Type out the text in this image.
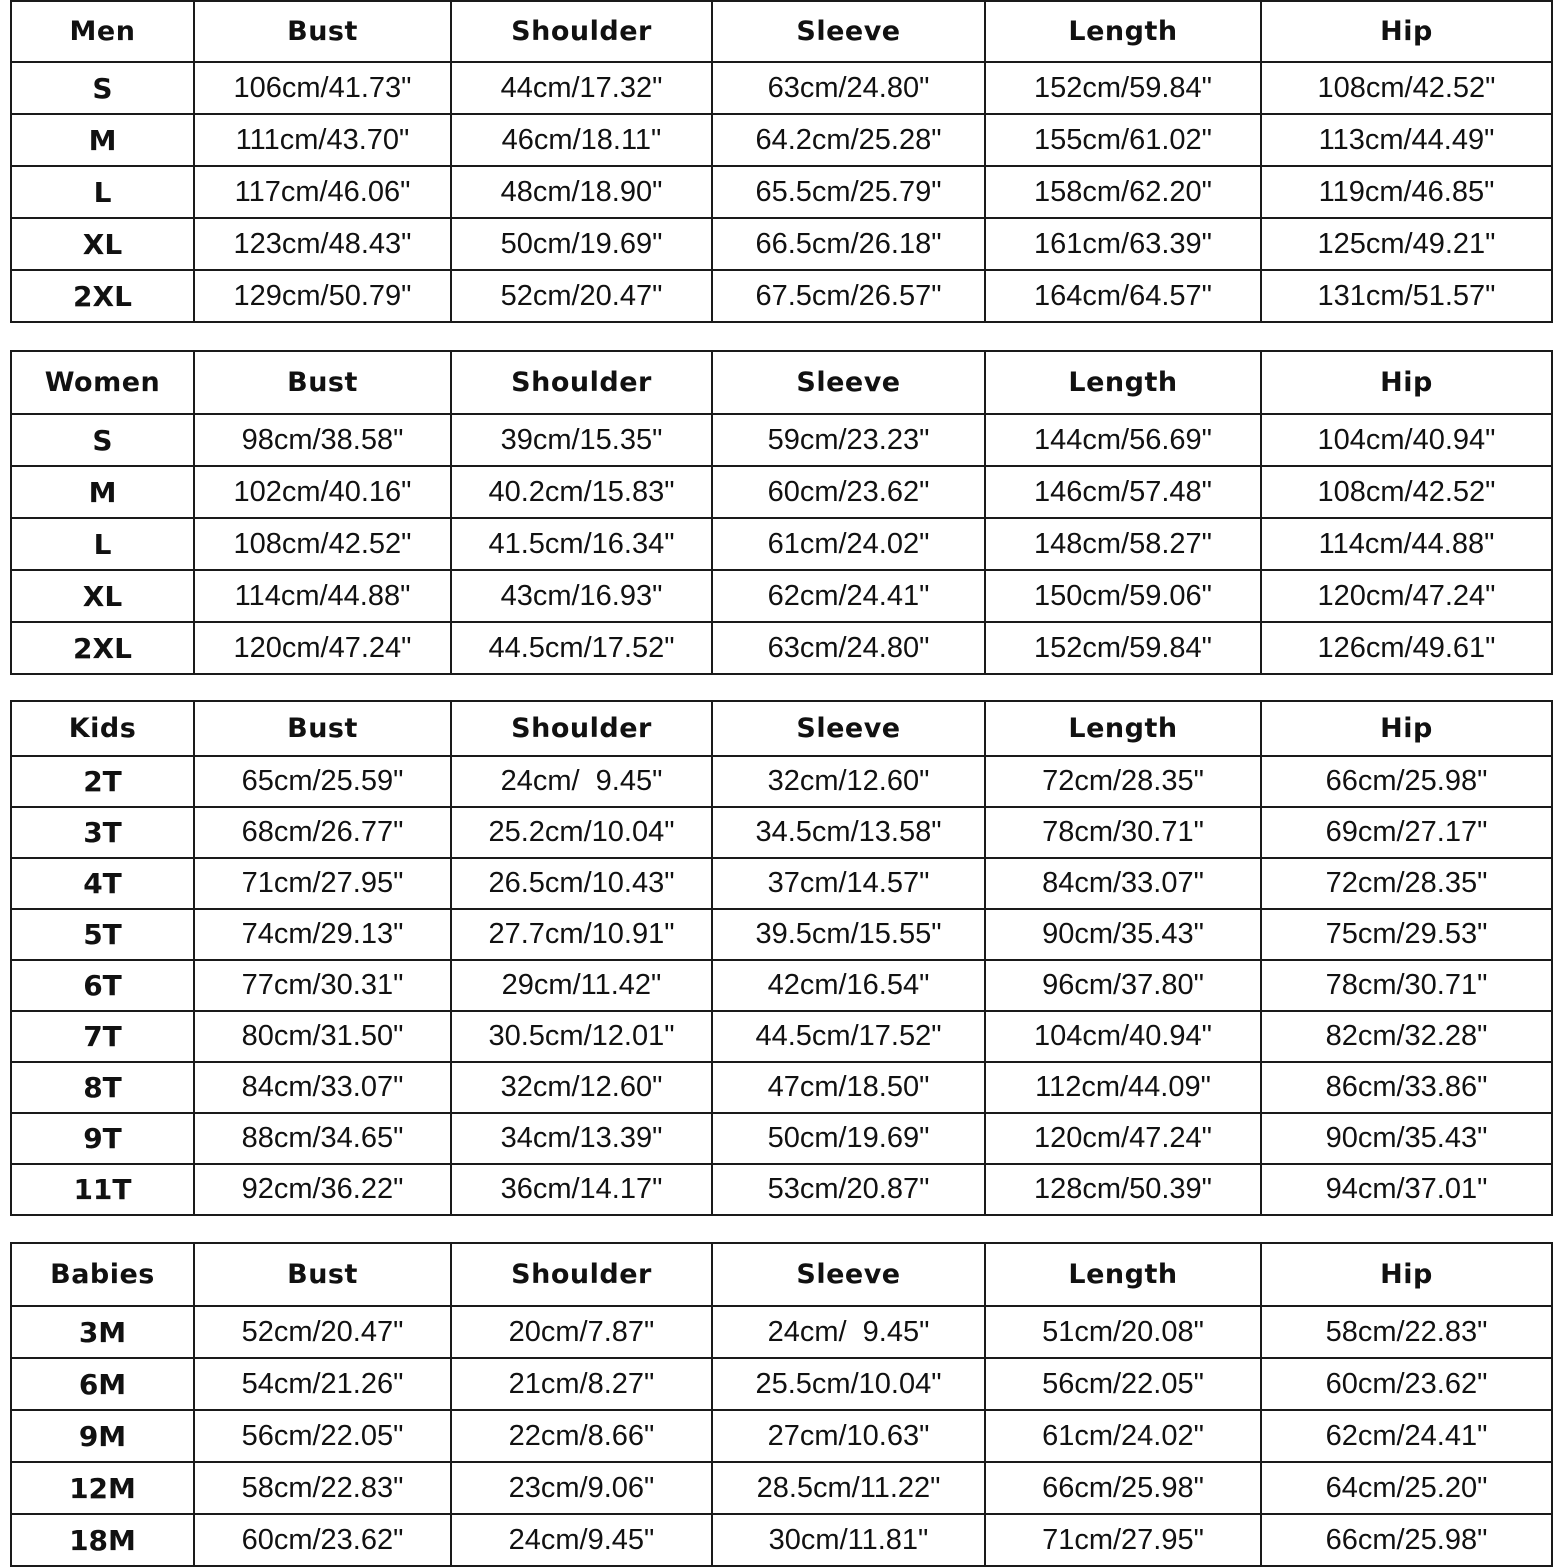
Men	Bust	Shoulder	Sleeve	Length	Hip
S	106cm/41.73"	44cm/17.32"	63cm/24.80"	152cm/59.84"	108cm/42.52"
M	111cm/43.70"	46cm/18.11"	64.2cm/25.28"	155cm/61.02"	113cm/44.49"
L	117cm/46.06"	48cm/18.90"	65.5cm/25.79"	158cm/62.20"	119cm/46.85"
XL	123cm/48.43"	50cm/19.69"	66.5cm/26.18"	161cm/63.39"	125cm/49.21"
2XL	129cm/50.79"	52cm/20.47"	67.5cm/26.57"	164cm/64.57"	131cm/51.57"
Women	Bust	Shoulder	Sleeve	Length	Hip
S	98cm/38.58"	39cm/15.35"	59cm/23.23"	144cm/56.69"	104cm/40.94"
M	102cm/40.16"	40.2cm/15.83"	60cm/23.62"	146cm/57.48"	108cm/42.52"
L	108cm/42.52"	41.5cm/16.34"	61cm/24.02"	148cm/58.27"	114cm/44.88"
XL	114cm/44.88"	43cm/16.93"	62cm/24.41"	150cm/59.06"	120cm/47.24"
2XL	120cm/47.24"	44.5cm/17.52"	63cm/24.80"	152cm/59.84"	126cm/49.61"
Kids	Bust	Shoulder	Sleeve	Length	Hip
2T	65cm/25.59"	24cm/  9.45"	32cm/12.60"	72cm/28.35"	66cm/25.98"
3T	68cm/26.77"	25.2cm/10.04"	34.5cm/13.58"	78cm/30.71"	69cm/27.17"
4T	71cm/27.95"	26.5cm/10.43"	37cm/14.57"	84cm/33.07"	72cm/28.35"
5T	74cm/29.13"	27.7cm/10.91"	39.5cm/15.55"	90cm/35.43"	75cm/29.53"
6T	77cm/30.31"	29cm/11.42"	42cm/16.54"	96cm/37.80"	78cm/30.71"
7T	80cm/31.50"	30.5cm/12.01"	44.5cm/17.52"	104cm/40.94"	82cm/32.28"
8T	84cm/33.07"	32cm/12.60"	47cm/18.50"	112cm/44.09"	86cm/33.86"
9T	88cm/34.65"	34cm/13.39"	50cm/19.69"	120cm/47.24"	90cm/35.43"
11T	92cm/36.22"	36cm/14.17"	53cm/20.87"	128cm/50.39"	94cm/37.01"
Babies	Bust	Shoulder	Sleeve	Length	Hip
3M	52cm/20.47"	20cm/7.87"	24cm/  9.45"	51cm/20.08"	58cm/22.83"
6M	54cm/21.26"	21cm/8.27"	25.5cm/10.04"	56cm/22.05"	60cm/23.62"
9M	56cm/22.05"	22cm/8.66"	27cm/10.63"	61cm/24.02"	62cm/24.41"
12M	58cm/22.83"	23cm/9.06"	28.5cm/11.22"	66cm/25.98"	64cm/25.20"
18M	60cm/23.62"	24cm/9.45"	30cm/11.81"	71cm/27.95"	66cm/25.98"
